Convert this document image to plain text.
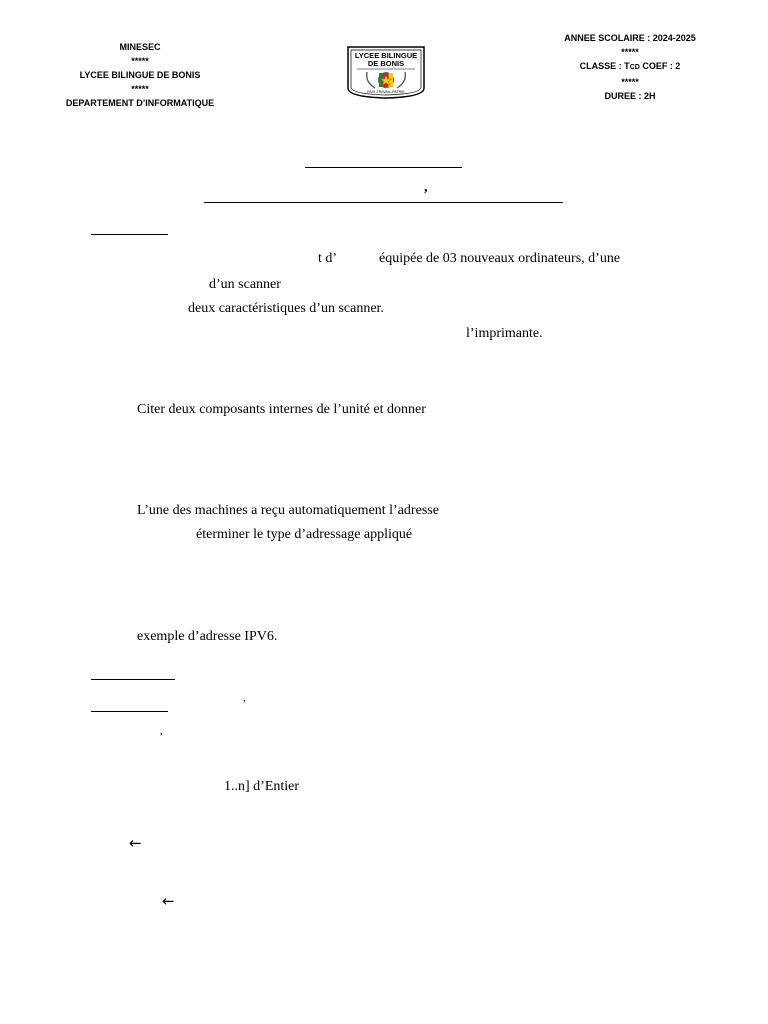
MINESEC
*****
LYCEE BILINGUE DE BONIS
*****
DEPARTEMENT D’INFORMATIQUE
LYCEE BILINGUE
DE BONIS
PAIX-TRAVAIL-PATRIE
ANNEE SCOLAIRE : 2024-2025
*****
CLASSE : TCD COEF : 2
*****
DUREE : 2H
,
t d’	équipée de 03 nouveaux ordinateurs, d’une
d’un scanner
deux caractéristiques d’un scanner.
l’imprimante.
Citer deux composants internes de l’unité et donner
L’une des machines a reçu automatiquement l’adresse
éterminer le type d’adressage appliqué
exemple d’adresse IPV6.
,
,
1..n] d’Entier
←
←
